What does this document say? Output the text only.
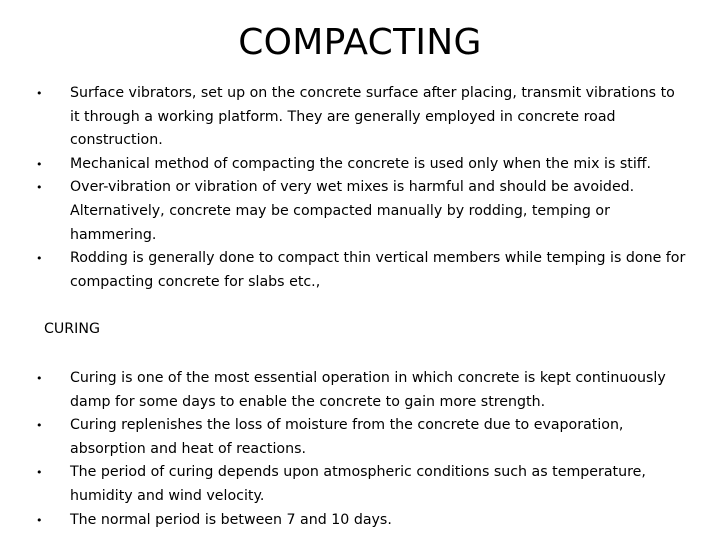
COMPACTING
• Surface vibrators, set up on the concrete surface after placing, transmit vibrations to it through a working platform. They are generally employed in concrete road construction.
• Mechanical method of compacting the concrete is used only when the mix is stiff.
• Over-vibration or vibration of very wet mixes is harmful and should be avoided. Alternatively, concrete may be compacted manually by rodding, temping or hammering.
• Rodding is generally done to compact thin vertical members while temping is done for compacting concrete for slabs etc.,
CURING
• Curing is one of the most essential operation in which concrete is kept continuously damp for some days to enable the concrete to gain more strength.
• Curing replenishes the loss of moisture from the concrete due to evaporation, absorption and heat of reactions.
• The period of curing depends upon atmospheric conditions such as temperature, humidity and wind velocity.
• The normal period is between 7 and 10 days.
